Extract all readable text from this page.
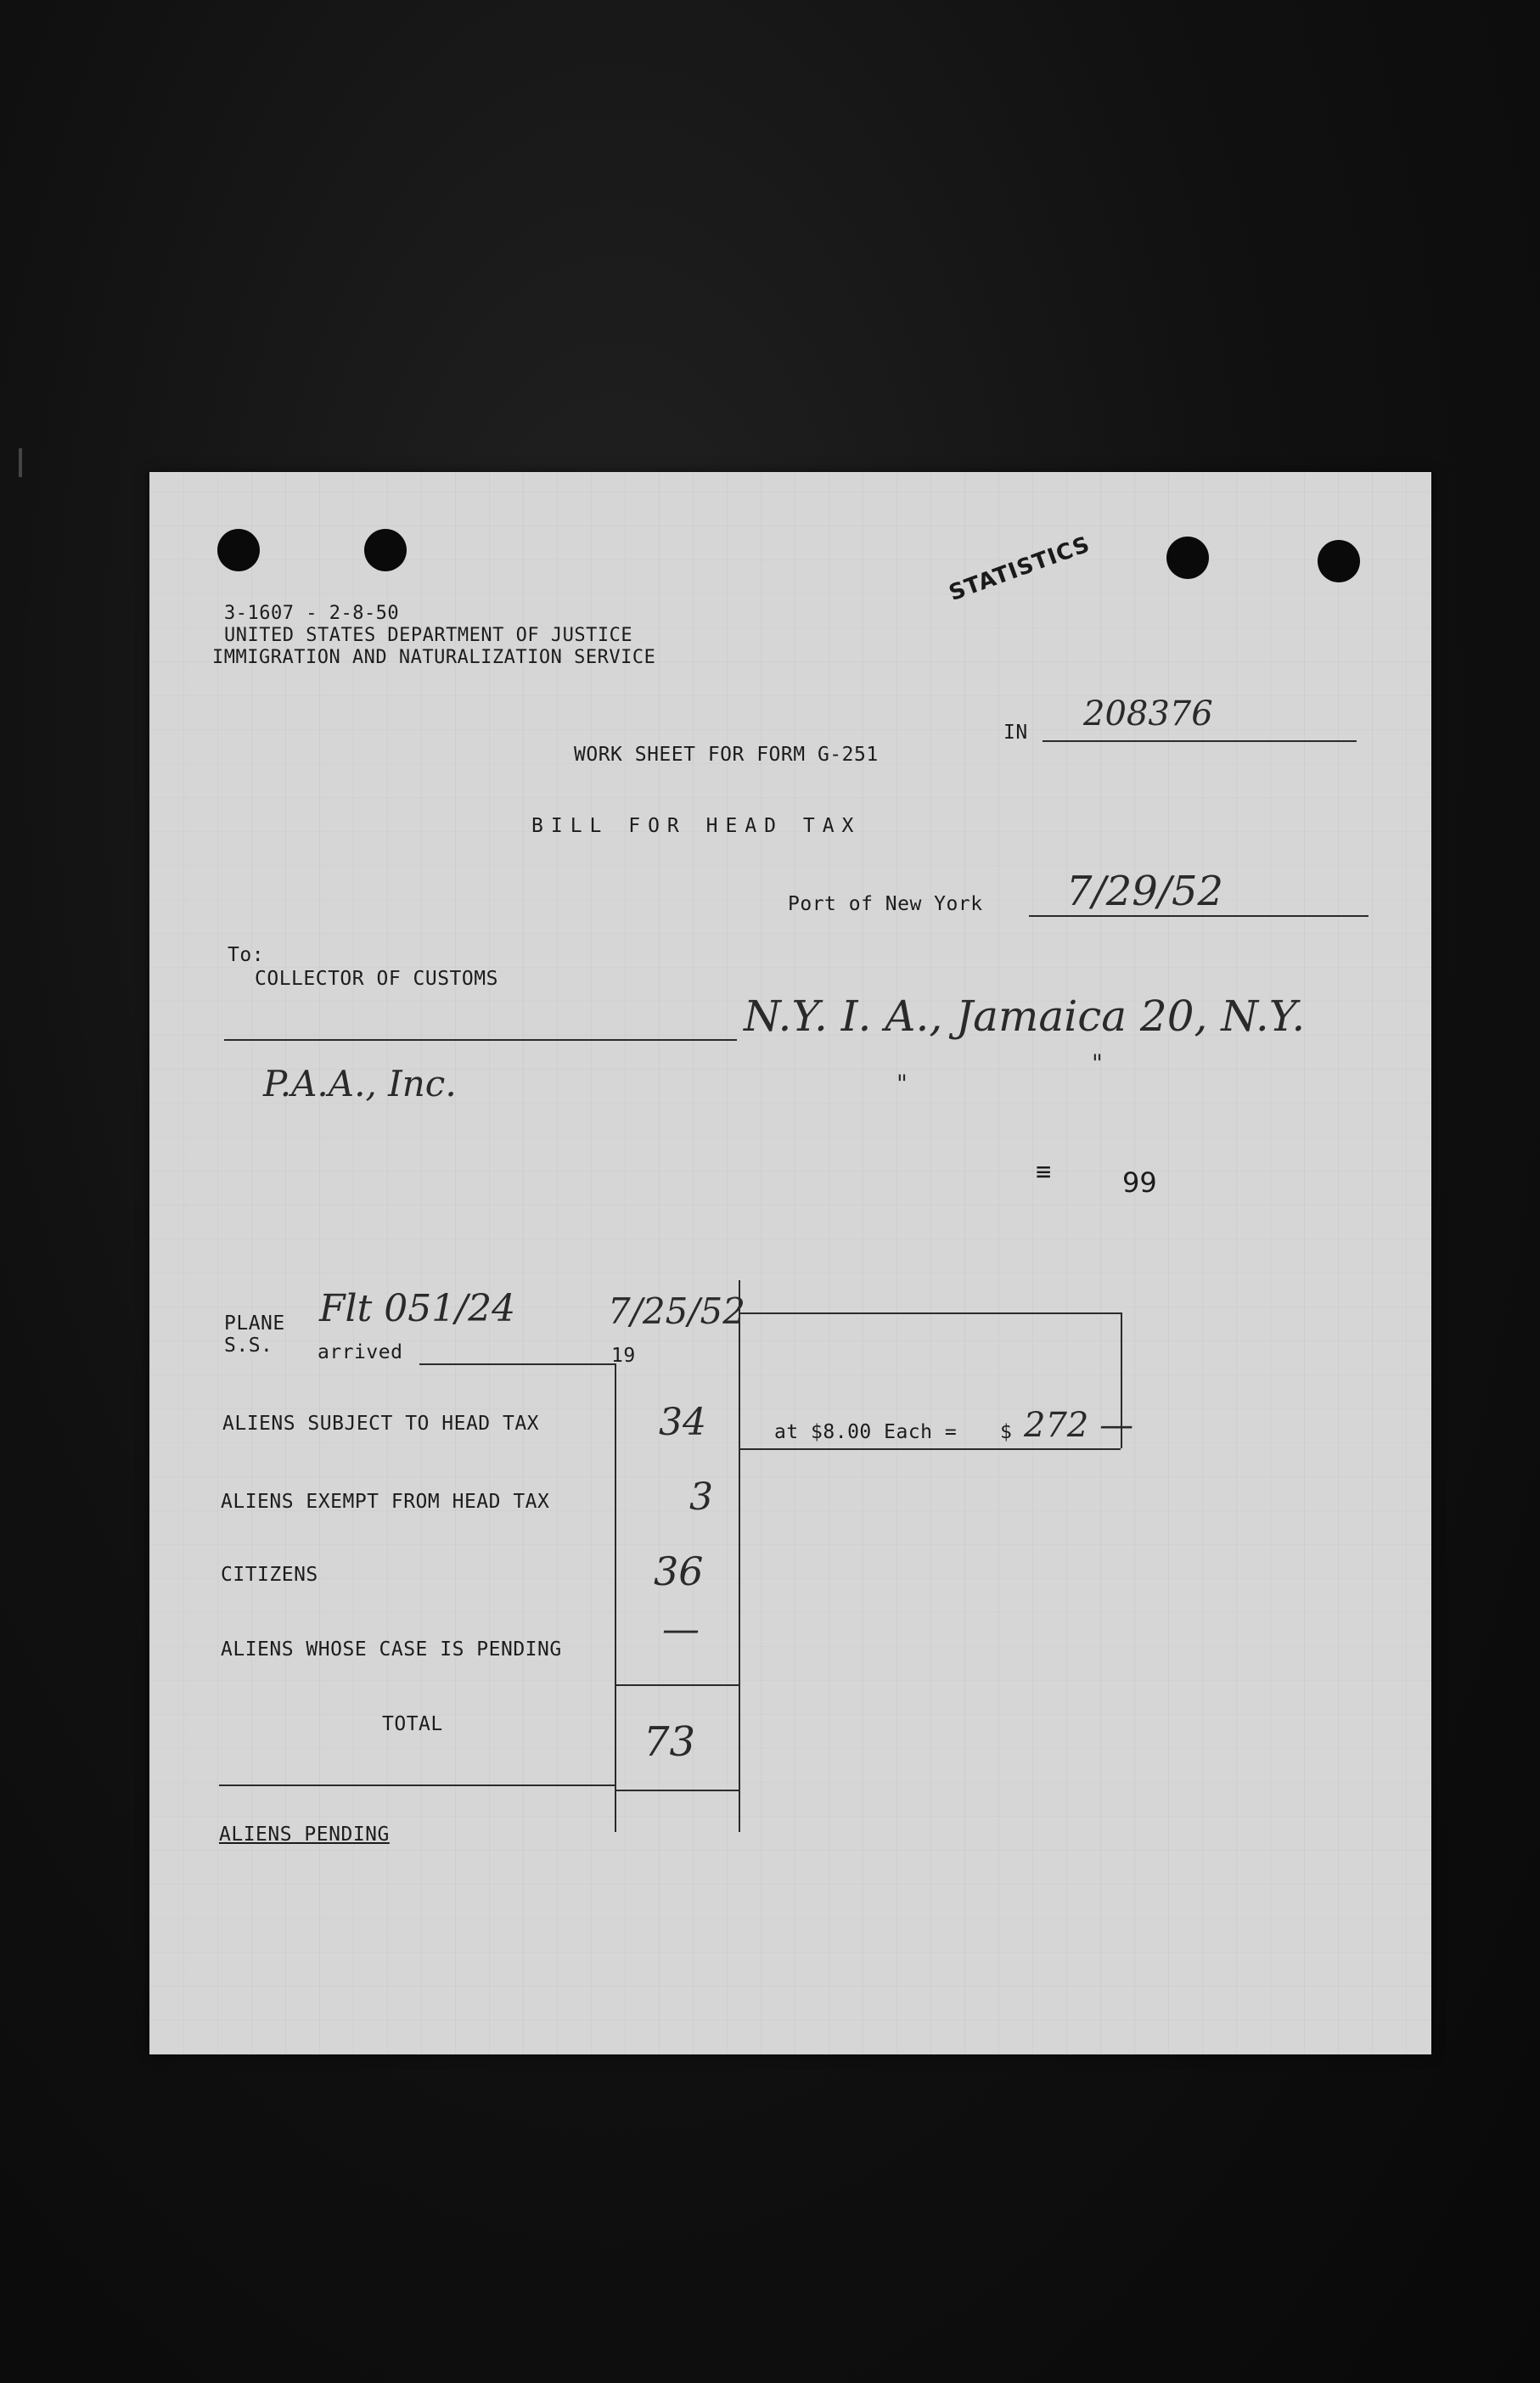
3-1607 - 2-8-50
UNITED STATES DEPARTMENT OF JUSTICE
IMMIGRATION AND NATURALIZATION SERVICE
STATISTICS
IN 208376
WORK SHEET FOR FORM G-251
BILL FOR HEAD TAX
Port of New York 7/29/52
To:
COLLECTOR OF CUSTOMS
N.Y. I. A., Jamaica 20, N.Y.
P.A.A., Inc.	"
"
≡	99
PLANE
S.S. arrived	19
Flt 051/24	7/25/52
ALIENS SUBJECT TO HEAD TAX	34	at $8.00 Each = $ 272 —
ALIENS EXEMPT FROM HEAD TAX	3
CITIZENS	36
ALIENS WHOSE CASE IS PENDING	—
TOTAL	73
ALIENS PENDING
